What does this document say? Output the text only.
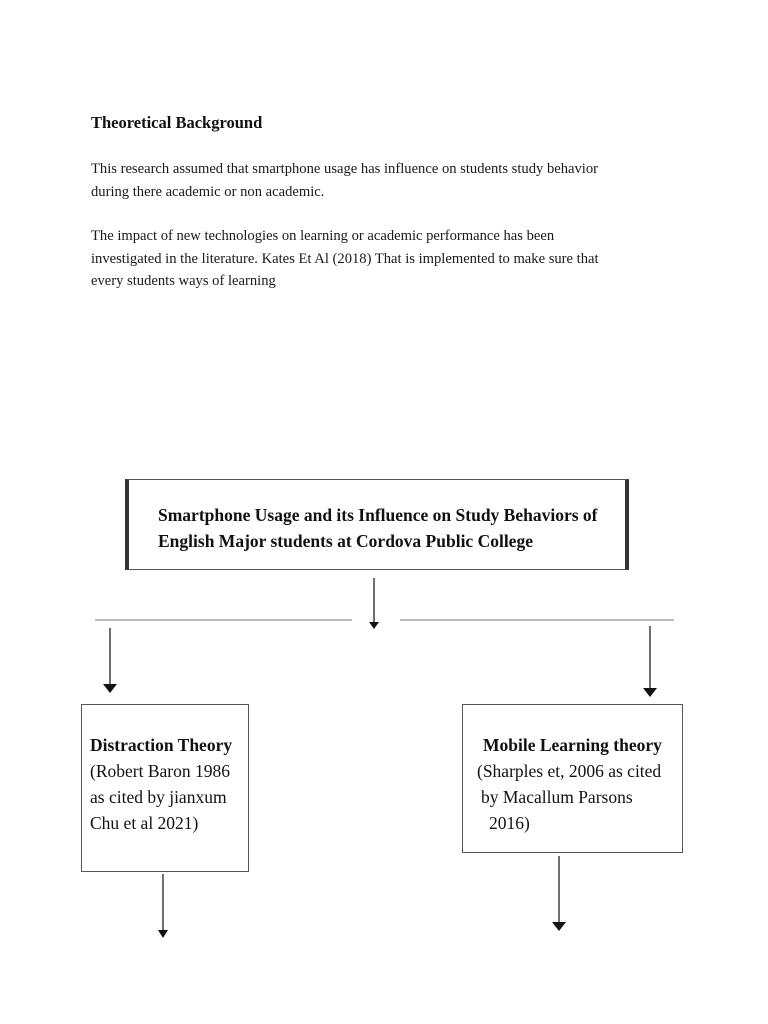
Theoretical Background

This research assumed that smartphone usage has influence on students study behavior
during there academic or non academic.

The impact of new technologies on learning or academic performance has been
investigated in the literature. Kates Et Al (2018) That is implemented to make sure that
every students ways of learning

Smartphone Usage and its Influence on Study Behaviors of
English Major students at Cordova Public College
Distraction Theory
(Robert Baron 1986
as cited by jianxum
Chu et al 2021)
Mobile Learning theory
(Sharples et, 2006 as cited
by Macallum Parsons
2016)
